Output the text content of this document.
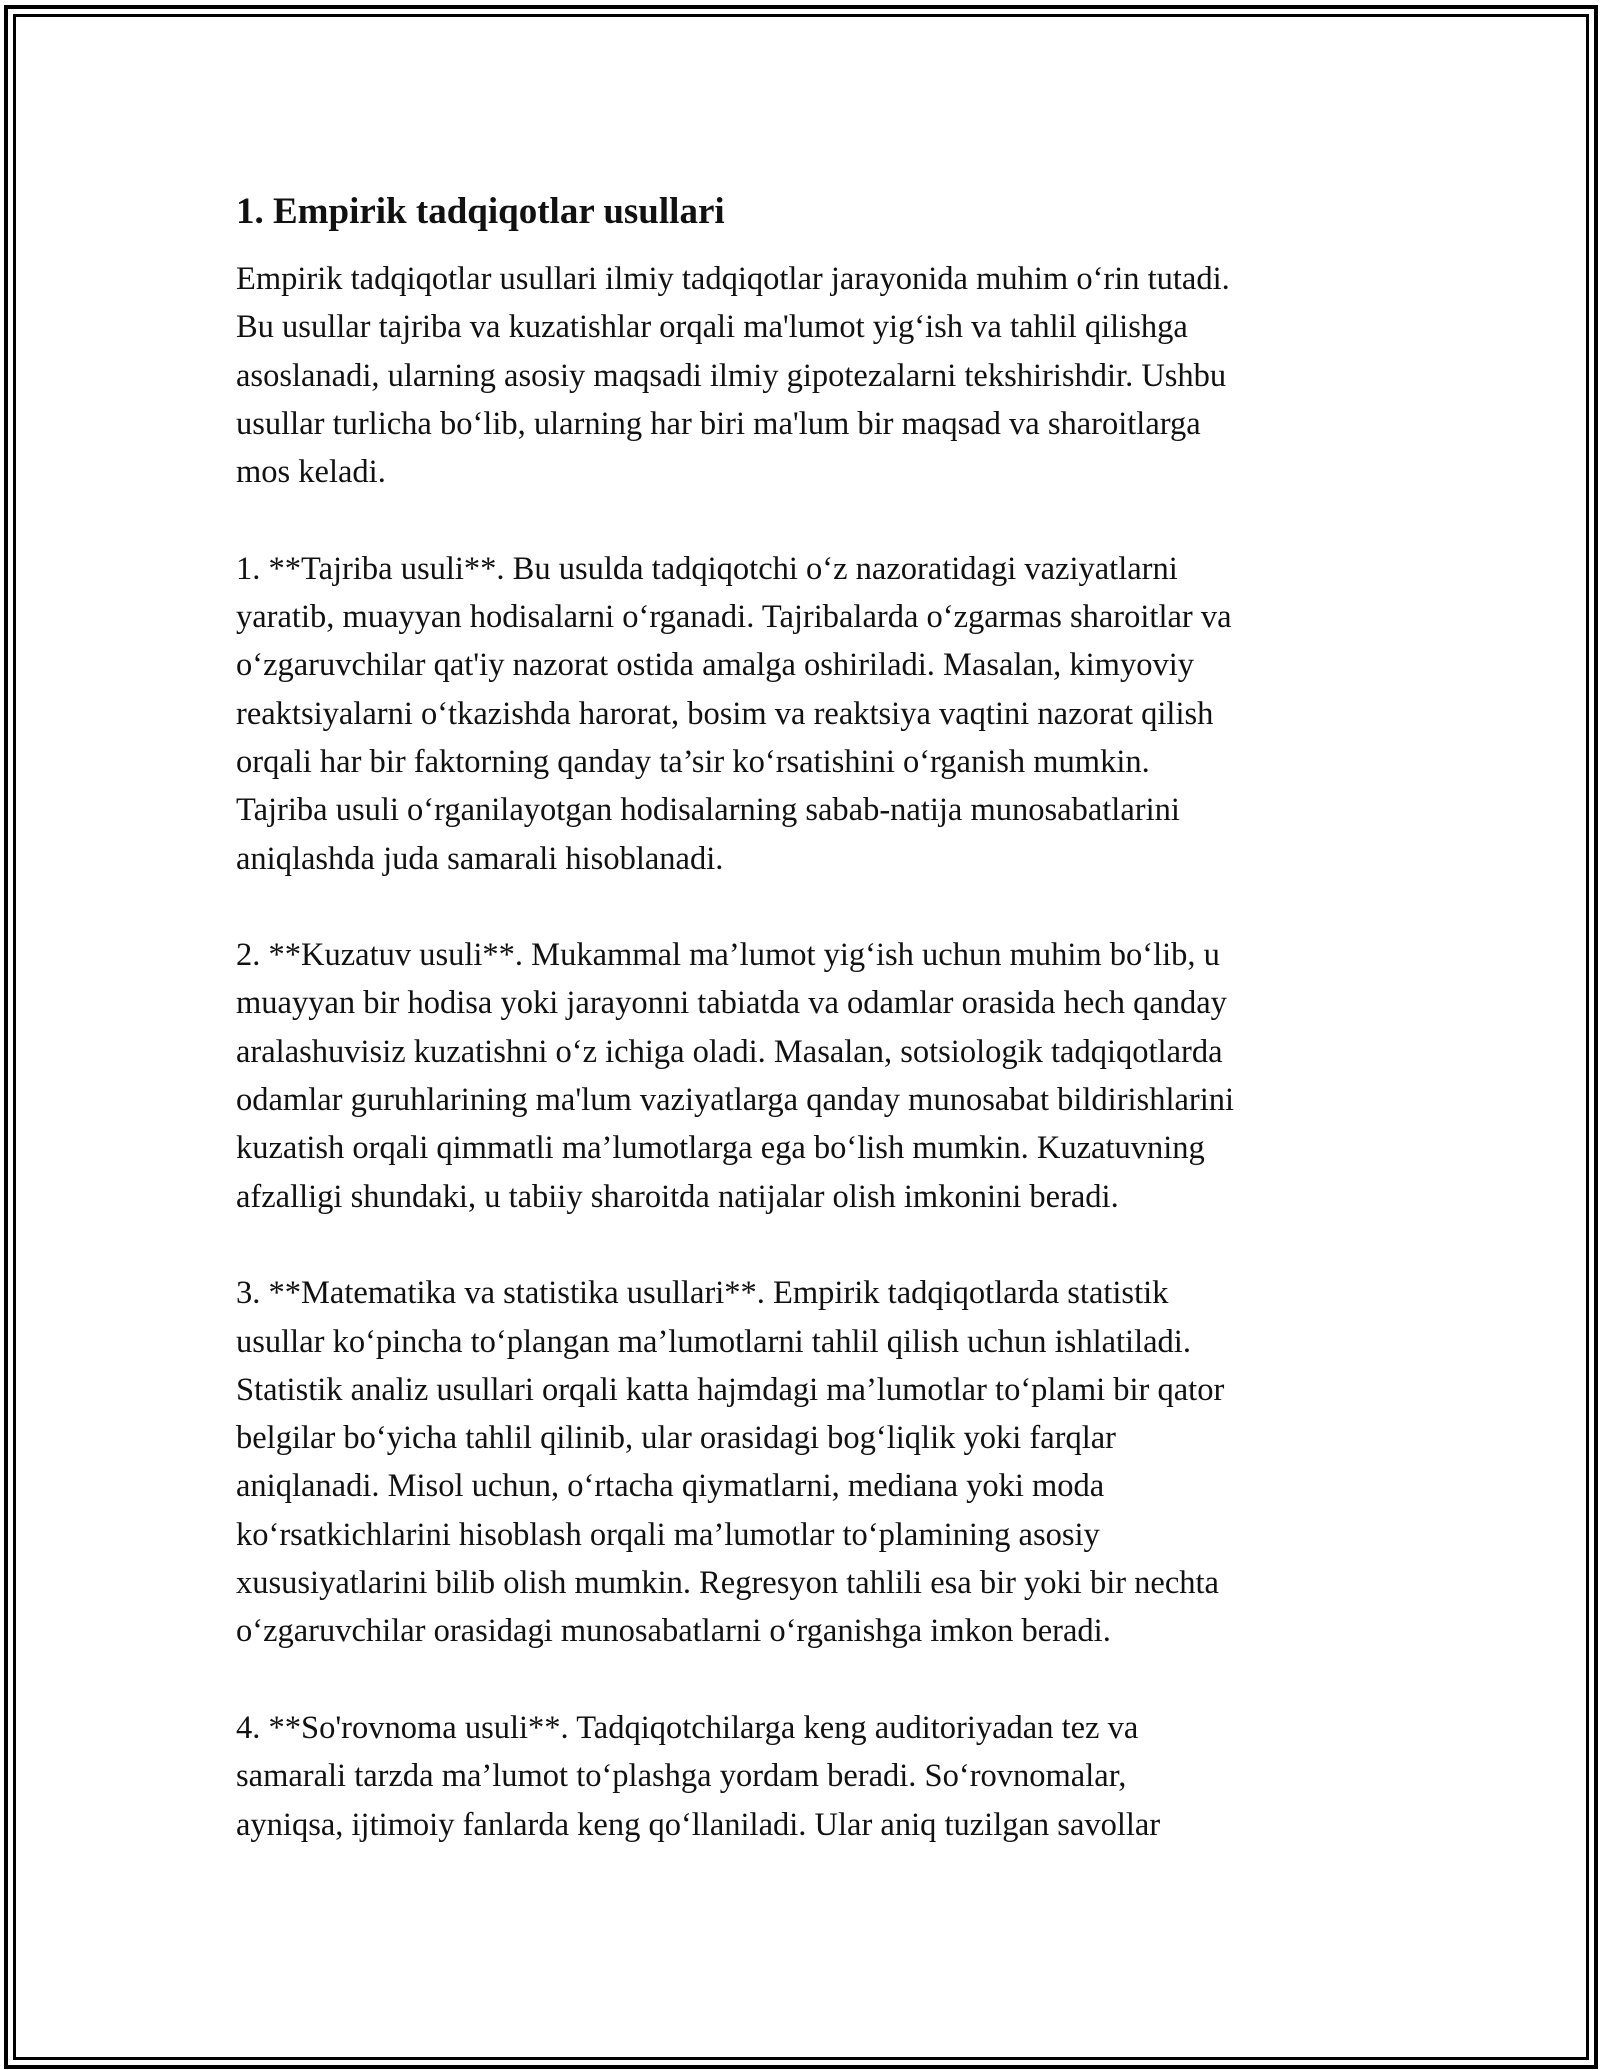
1. Empirik tadqiqotlar usullari

Empirik tadqiqotlar usullari ilmiy tadqiqotlar jarayonida muhim o‘rin tutadi.
Bu usullar tajriba va kuzatishlar orqali ma'lumot yig‘ish va tahlil qilishga
asoslanadi, ularning asosiy maqsadi ilmiy gipotezalarni tekshirishdir. Ushbu
usullar turlicha bo‘lib, ularning har biri ma'lum bir maqsad va sharoitlarga
mos keladi.

1. **Tajriba usuli**. Bu usulda tadqiqotchi o‘z nazoratidagi vaziyatlarni
yaratib, muayyan hodisalarni o‘rganadi. Tajribalarda o‘zgarmas sharoitlar va
o‘zgaruvchilar qat'iy nazorat ostida amalga oshiriladi. Masalan, kimyoviy
reaktsiyalarni o‘tkazishda harorat, bosim va reaktsiya vaqtini nazorat qilish
orqali har bir faktorning qanday ta’sir ko‘rsatishini o‘rganish mumkin.
Tajriba usuli o‘rganilayotgan hodisalarning sabab-natija munosabatlarini
aniqlashda juda samarali hisoblanadi.

2. **Kuzatuv usuli**. Mukammal ma’lumot yig‘ish uchun muhim bo‘lib, u
muayyan bir hodisa yoki jarayonni tabiatda va odamlar orasida hech qanday
aralashuvisiz kuzatishni o‘z ichiga oladi. Masalan, sotsiologik tadqiqotlarda
odamlar guruhlarining ma'lum vaziyatlarga qanday munosabat bildirishlarini
kuzatish orqali qimmatli ma’lumotlarga ega bo‘lish mumkin. Kuzatuvning
afzalligi shundaki, u tabiiy sharoitda natijalar olish imkonini beradi.

3. **Matematika va statistika usullari**. Empirik tadqiqotlarda statistik
usullar ko‘pincha to‘plangan ma’lumotlarni tahlil qilish uchun ishlatiladi.
Statistik analiz usullari orqali katta hajmdagi ma’lumotlar to‘plami bir qator
belgilar bo‘yicha tahlil qilinib, ular orasidagi bog‘liqlik yoki farqlar
aniqlanadi. Misol uchun, o‘rtacha qiymatlarni, mediana yoki moda
ko‘rsatkichlarini hisoblash orqali ma’lumotlar to‘plamining asosiy
xususiyatlarini bilib olish mumkin. Regresyon tahlili esa bir yoki bir nechta
o‘zgaruvchilar orasidagi munosabatlarni o‘rganishga imkon beradi.

4. **So'rovnoma usuli**. Tadqiqotchilarga keng auditoriyadan tez va
samarali tarzda ma’lumot to‘plashga yordam beradi. So‘rovnomalar,
ayniqsa, ijtimoiy fanlarda keng qo‘llaniladi. Ular aniq tuzilgan savollar
